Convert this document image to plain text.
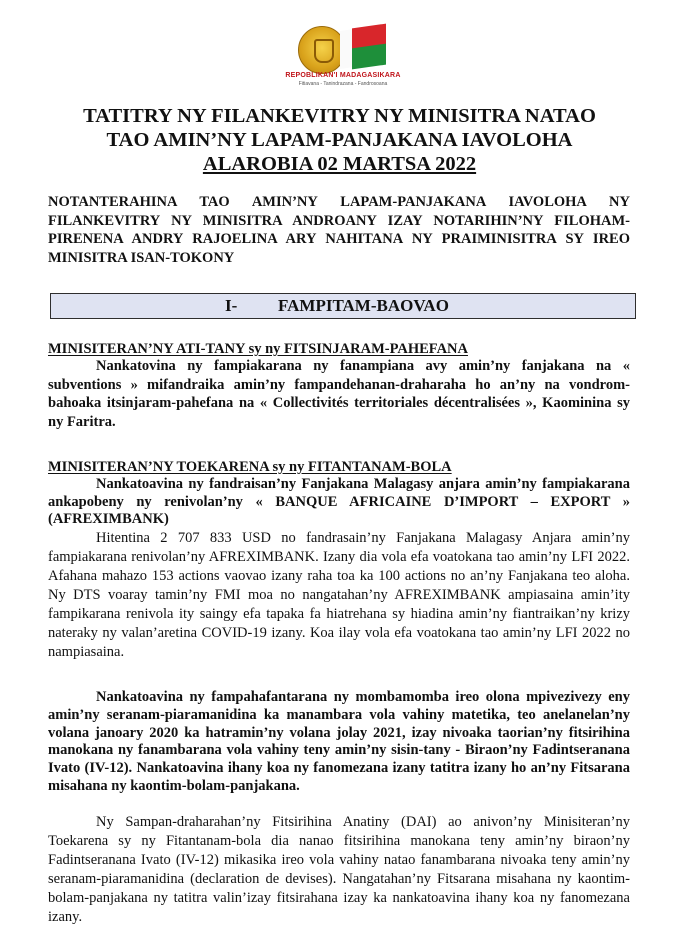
REPOBLIKAN'I MADAGASIKARA
Fitiavana - Tanindrazana - Fandrosoana
TATITRY NY FILANKEVITRY NY MINISITRA NATAO
TAO AMIN’NY LAPAM-PANJAKANA IAVOLOHA
ALAROBIA 02 MARTSA 2022
NOTANTERAHINA TAO AMIN’NY LAPAM-PANJAKANA IAVOLOHA NY FILANKEVITRY NY MINISITRA ANDROANY IZAY NOTARIHIN’NY FILOHAM-PIRENENA ANDRY RAJOELINA ARY NAHITANA NY PRAIMINISITRA SY IREO MINISITRA ISAN-TOKONY
I- FAMPITAM-BAOVAO
MINISITERAN’NY ATI-TANY sy ny FITSINJARAM-PAHEFANA

Nankatovina ny fampiakarana ny fanampiana avy amin’ny fanjakana na « subventions » mifandraika amin’ny fampandehanan-draharaha ho an’ny na vondrom-bahoaka itsinjaram-pahefana na « Collectivités territoriales décentralisées », Kaominina sy ny Faritra.

MINISITERAN’NY TOEKARENA sy ny FITANTANAM-BOLA

Nankatoavina ny fandraisan’ny Fanjakana Malagasy anjara amin’ny fampiakarana ankapobeny ny renivolan’ny « BANQUE AFRICAINE D’IMPORT – EXPORT » (AFREXIMBANK)

Hitentina 2 707 833 USD no fandrasain’ny Fanjakana Malagasy Anjara amin’ny fampiakarana renivolan’ny AFREXIMBANK. Izany dia vola efa voatokana tao amin’ny LFI 2022. Afahana mahazo 153 actions vaovao izany raha toa ka 100 actions no an’ny Fanjakana teo aloha. Ny DTS voaray tamin’ny FMI moa no nangatahan’ny AFREXIMBANK ampiasaina amin’ity fampikarana renivola ity saingy efa tapaka fa hiatrehana sy hiadina amin’ny fiantraikan’ny krizy nateraky ny valan’aretina COVID-19 izany. Koa ilay vola efa voatokana tao amin’ny LFI 2022 no nampiasaina.

Nankatoavina ny fampahafantarana ny mombamomba ireo olona mpivezivezy eny amin’ny seranam-piaramanidina ka manambara vola vahiny matetika, teo anelanelan’ny volana janoary 2020 ka hatramin’ny volana jolay 2021, izay nivoaka taorian’ny fitsirihina manokana ny fanambarana vola vahiny teny amin’ny sisin-tany - Biraon’ny Fadintseranana Ivato (IV-12). Nankatoavina ihany koa ny fanomezana izany tatitra izany ho an’ny Fitsarana misahana ny kaontim-bolam-panjakana.

Ny Sampan-draharahan’ny Fitsirihina Anatiny (DAI) ao anivon’ny Minisiteran’ny Toekarena sy ny Fitantanam-bola dia nanao fitsirihina manokana teny amin’ny biraon’ny Fadintseranana Ivato (IV-12) mikasika ireo vola vahiny natao fanambarana nivoaka teny amin’ny seranam-piaramanidina (declaration de devises). Nangatahan’ny Fitsarana misahana ny kaontim-bolam-panjakana ny tatitra valin’izay fitsirahana izay ka nankatoavina ihany koa ny fanomezana izany.
